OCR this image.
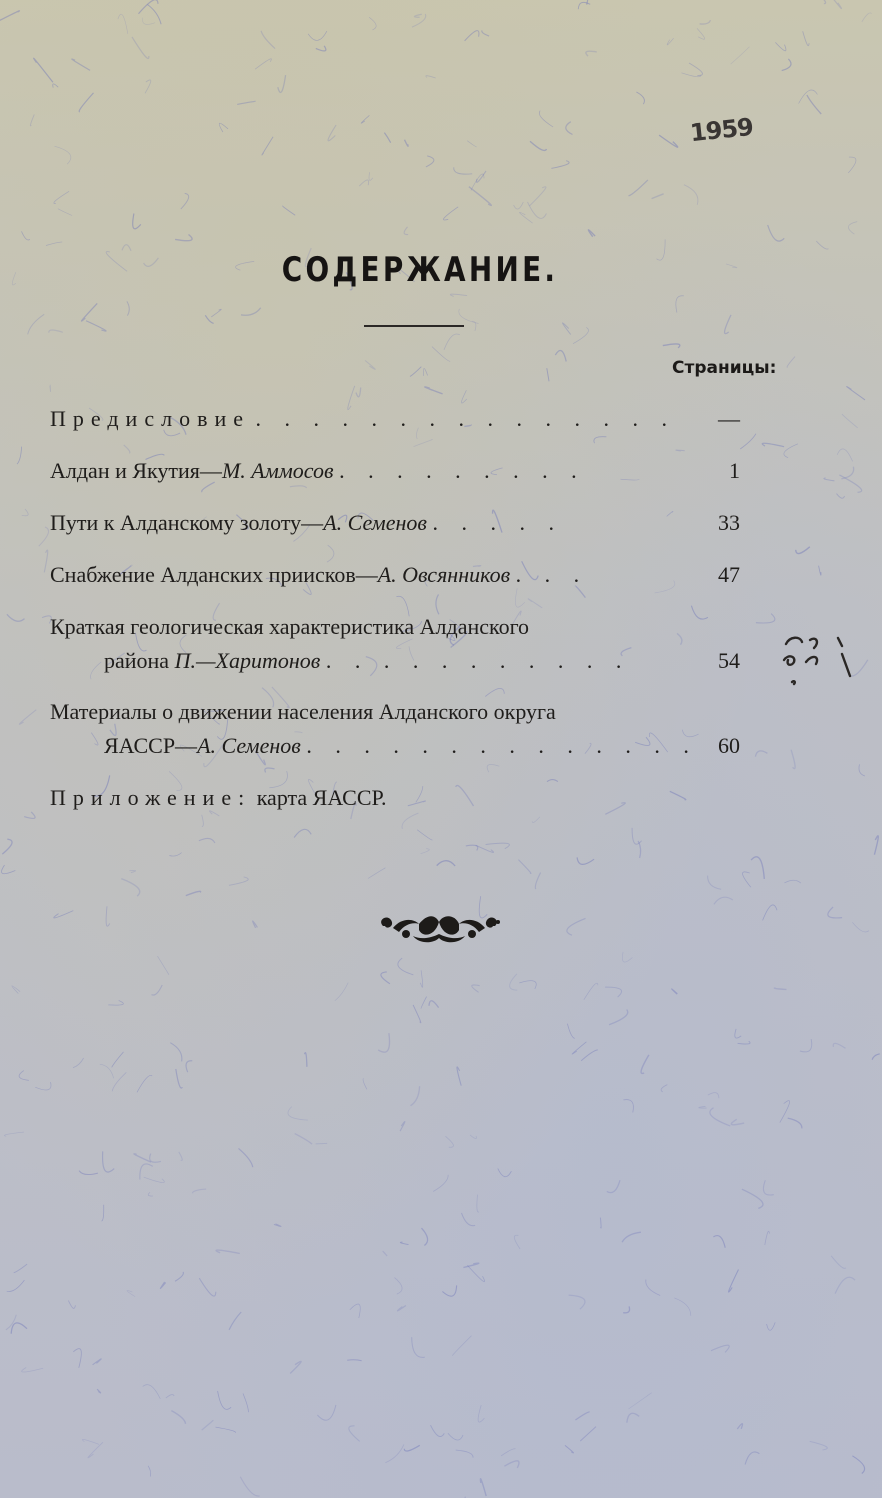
1959
СОДЕРЖАНИЕ.
Страницы:
Предисловие . . . . . . . . . . . . . . . —
Алдан и Якутия—М. Аммосов . . . . . . . . .	1
Пути к Алданскому золоту—А. Семенов . . . . .	33
Снабжение Алданских приисков—А. Овсянников . . .	47
Краткая геологическая характеристика Алданского
района П.—Харитонов . . . . . . . . . . .	54
Материалы о движении населения Алданского округа
ЯАССР—А. Семенов . . . . . . . . . . . . . . 60
Приложение: карта ЯАССР.
